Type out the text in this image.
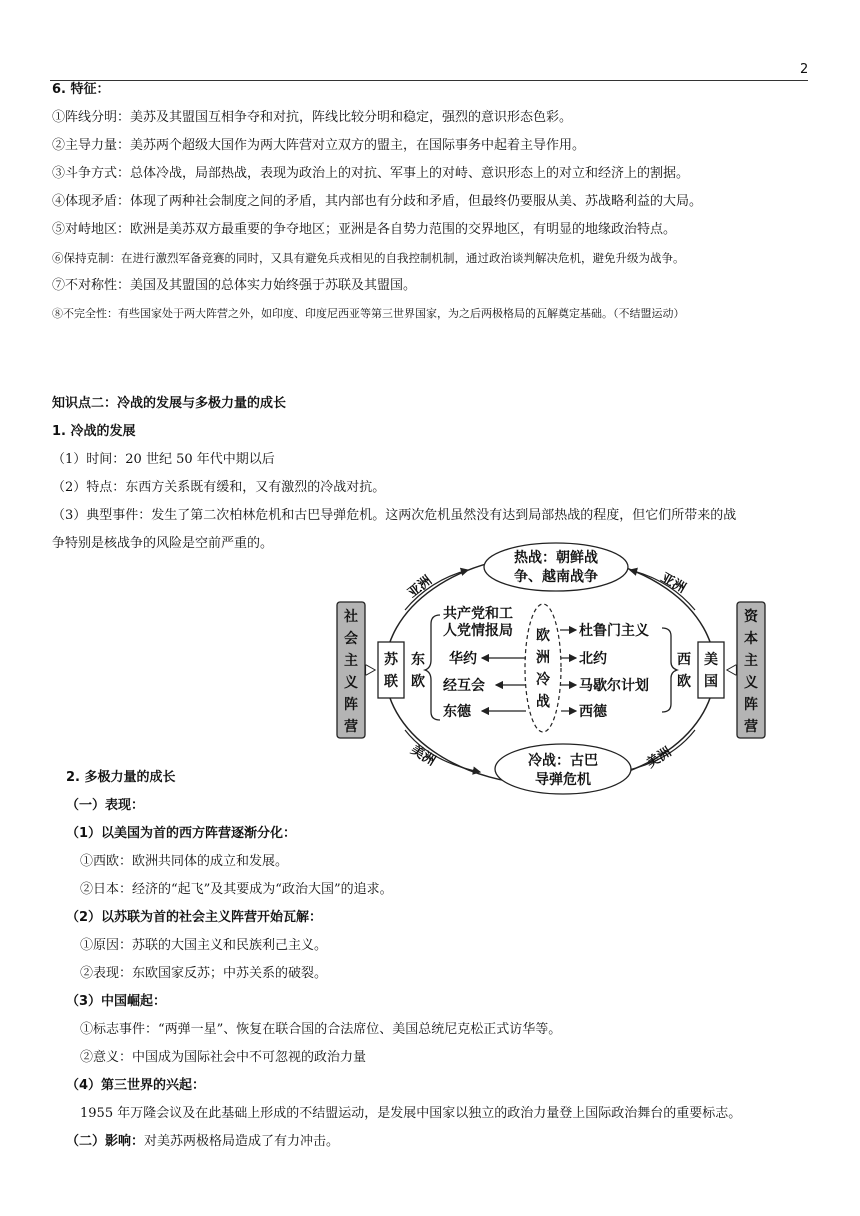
2
6. 特征：
①阵线分明：美苏及其盟国互相争夺和对抗，阵线比较分明和稳定，强烈的意识形态色彩。
②主导力量：美苏两个超级大国作为两大阵营对立双方的盟主，在国际事务中起着主导作用。
③斗争方式：总体冷战，局部热战，表现为政治上的对抗、军事上的对峙、意识形态上的对立和经济上的割据。
④体现矛盾：体现了两种社会制度之间的矛盾，其内部也有分歧和矛盾，但最终仍要服从美、苏战略利益的大局。
⑤对峙地区：欧洲是美苏双方最重要的争夺地区；亚洲是各自势力范围的交界地区，有明显的地缘政治特点。
⑥保持克制：在进行激烈军备竞赛的同时，又具有避免兵戎相见的自我控制机制，通过政治谈判解决危机，避免升级为战争。
⑦不对称性：美国及其盟国的总体实力始终强于苏联及其盟国。
⑧不完全性：有些国家处于两大阵营之外，如印度、印度尼西亚等第三世界国家，为之后两极格局的瓦解奠定基础。（不结盟运动）
知识点二：冷战的发展与多极力量的成长
1. 冷战的发展
（1）时间：20 世纪 50 年代中期以后
（2）特点：东西方关系既有缓和，又有激烈的冷战对抗。
（3）典型事件：发生了第二次柏林危机和古巴导弹危机。这两次危机虽然没有达到局部热战的程度，但它们所带来的战
争特别是核战争的风险是空前严重的。
热战：朝鲜战
争、越南战争
冷战：古巴
导弹危机
亚洲	亚洲
美洲	美洲
社
会
主
义
阵
营
资
本
主
义
阵
营
苏
联
美
国
东
欧
西
欧
共产党和工
人党情报局
华约
经互会
东德
欧
洲
冷
战
杜鲁门主义
北约
马歇尔计划
西德
2. 多极力量的成长
（一）表现：
（1）以美国为首的西方阵营逐渐分化：
①西欧：欧洲共同体的成立和发展。
②日本：经济的“起飞”及其要成为“政治大国”的追求。
（2）以苏联为首的社会主义阵营开始瓦解：
①原因：苏联的大国主义和民族利己主义。
②表现：东欧国家反苏；中苏关系的破裂。
（3）中国崛起：
①标志事件：“两弹一星”、恢复在联合国的合法席位、美国总统尼克松正式访华等。
②意义：中国成为国际社会中不可忽视的政治力量
（4）第三世界的兴起：
1955 年万隆会议及在此基础上形成的不结盟运动，是发展中国家以独立的政治力量登上国际政治舞台的重要标志。
（二）影响：对美苏两极格局造成了有力冲击。
